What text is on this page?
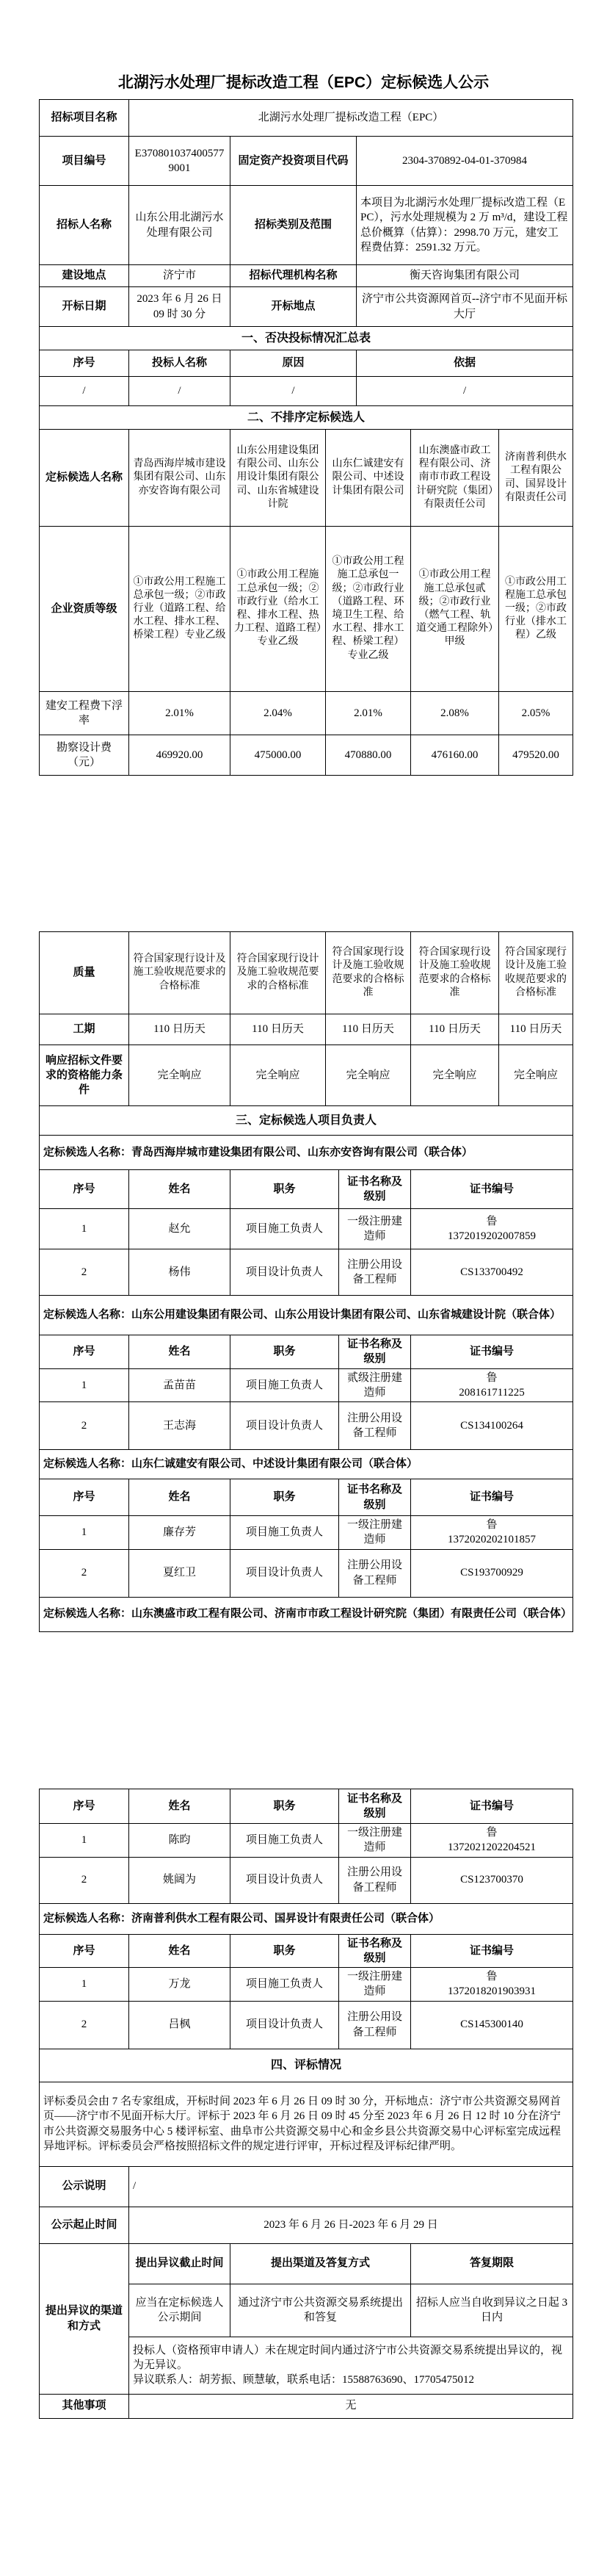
北湖污水处理厂提标改造工程（EPC）定标候选人公示
招标项目名称	北湖污水处理厂提标改造工程（EPC）					
项目编号	E3708010374005779001	固定资产投资项目代码		2304-370892-04-01-370984		
招标人名称	山东公用北湖污水处理有限公司	招标类别及范围		本项目为北湖污水处理厂提标改造工程（EPC），污水处理规模为 2 万 m³/d，建设工程总价概算（估算）：2998.70 万元，建安工程费估算：2591.32 万元。		
建设地点	济宁市	招标代理机构名称		衡天咨询集团有限公司		
开标日期	2023 年 6 月 26 日 09 时 30 分	开标地点		济宁市公共资源网首页--济宁市不见面开标大厅		
一、否决投标情况汇总表						
序号	投标人名称	原因		依据		
/	/	/		/		
二、不排序定标候选人						
定标候选人名称	青岛西海岸城市建设集团有限公司、山东亦安咨询有限公司	山东公用建设集团有限公司、山东公用设计集团有限公司、山东省城建设计院	山东仁诚建安有限公司、中述设计集团有限公司		山东澳盛市政工程有限公司、济南市市政工程设计研究院（集团）有限责任公司	济南普利供水工程有限公司、国昇设计有限责任公司
企业资质等级	①市政公用工程施工总承包一级；②市政行业（道路工程、给水工程、排水工程、桥梁工程）专业乙级	①市政公用工程施工总承包一级；②市政行业（给水工程、排水工程、热力工程、道路工程）专业乙级	①市政公用工程施工总承包一级；②市政行业（道路工程、环境卫生工程、给水工程、排水工程、桥梁工程）专业乙级		①市政公用工程施工总承包贰级；②市政行业（燃气工程、轨道交通工程除外）甲级	①市政公用工程施工总承包一级；②市政行业（排水工程）乙级
建安工程费下浮率	2.01%	2.04%	2.01%		2.08%	2.05%
勘察设计费（元）	469920.00	475000.00	470880.00		476160.00	479520.00
质量	符合国家现行设计及施工验收规范要求的合格标准	符合国家现行设计及施工验收规范要求的合格标准	符合国家现行设计及施工验收规范要求的合格标准		符合国家现行设计及施工验收规范要求的合格标准	符合国家现行设计及施工验收规范要求的合格标准
工期	110 日历天	110 日历天	110 日历天		110 日历天	110 日历天
响应招标文件要求的资格能力条件	完全响应	完全响应	完全响应		完全响应	完全响应
三、定标候选人项目负责人						
定标候选人名称：青岛西海岸城市建设集团有限公司、山东亦安咨询有限公司（联合体）						
序号	姓名	职务		证书名称及级别	证书编号	
1	赵允	项目施工负责人		一级注册建造师	鲁
1372019202007859	

2	杨伟	项目设计负责人		注册公用设备工程师	CS133700492	

定标候选人名称：山东公用建设集团有限公司、山东公用设计集团有限公司、山东省城建设计院（联合体）						
序号	姓名	职务		证书名称及级别	证书编号	
1	孟苗苗	项目施工负责人		贰级注册建造师	鲁
208161711225	

2	王志海	项目设计负责人		注册公用设备工程师	CS134100264	

定标候选人名称：山东仁诚建安有限公司、中述设计集团有限公司（联合体）						
序号	姓名	职务		证书名称及级别	证书编号	
1	廉存芳	项目施工负责人		一级注册建造师	鲁
1372020202101857	

2	夏红卫	项目设计负责人		注册公用设备工程师	CS193700929	

定标候选人名称：山东澳盛市政工程有限公司、济南市市政工程设计研究院（集团）有限责任公司（联合体）						
序号	姓名	职务	证书名称及级别	证书编号
1	陈昀	项目施工负责人	一级注册建造师	鲁
1372021202204521

2	姚阔为	项目设计负责人	注册公用设备工程师	CS123700370

定标候选人名称：济南普利供水工程有限公司、国昇设计有限责任公司（联合体）				
序号	姓名	职务	证书名称及级别	证书编号
1	万龙	项目施工负责人	一级注册建造师	鲁
1372018201903931

2	吕枫	项目设计负责人	注册公用设备工程师	CS145300140

四、评标情况				
评标委员会由 7 名专家组成，开标时间 2023 年 6 月 26 日 09 时 30 分，开标地点：济宁市公共资源交易网首页——济宁市不见面开标大厅。评标于 2023 年 6 月 26 日 09 时 45 分至 2023 年 6 月 26 日 12 时 10 分在济宁市公共资源交易服务中心 5 楼评标室、曲阜市公共资源交易中心和金乡县公共资源交易中心评标室完成远程异地评标。评标委员会严格按照招标文件的规定进行评审，开标过程及评标纪律严明。				
公示说明	/			
公示起止时间	2023 年 6 月 26 日-2023 年 6 月 29 日			
提出异议的渠道和方式	提出异议截止时间	提出渠道及答复方式		答复期限
	应当在定标候选人公示期间	通过济宁市公共资源交易系统提出和答复		招标人应当自收到异议之日起 3 日内

	投标人（资格预审申请人）未在规定时间内通过济宁市公共资源交易系统提出异议的，视为无异议。
异议联系人：胡芳振、顾慧敏，联系电话：15588763690、17705475012			

其他事项	无			
